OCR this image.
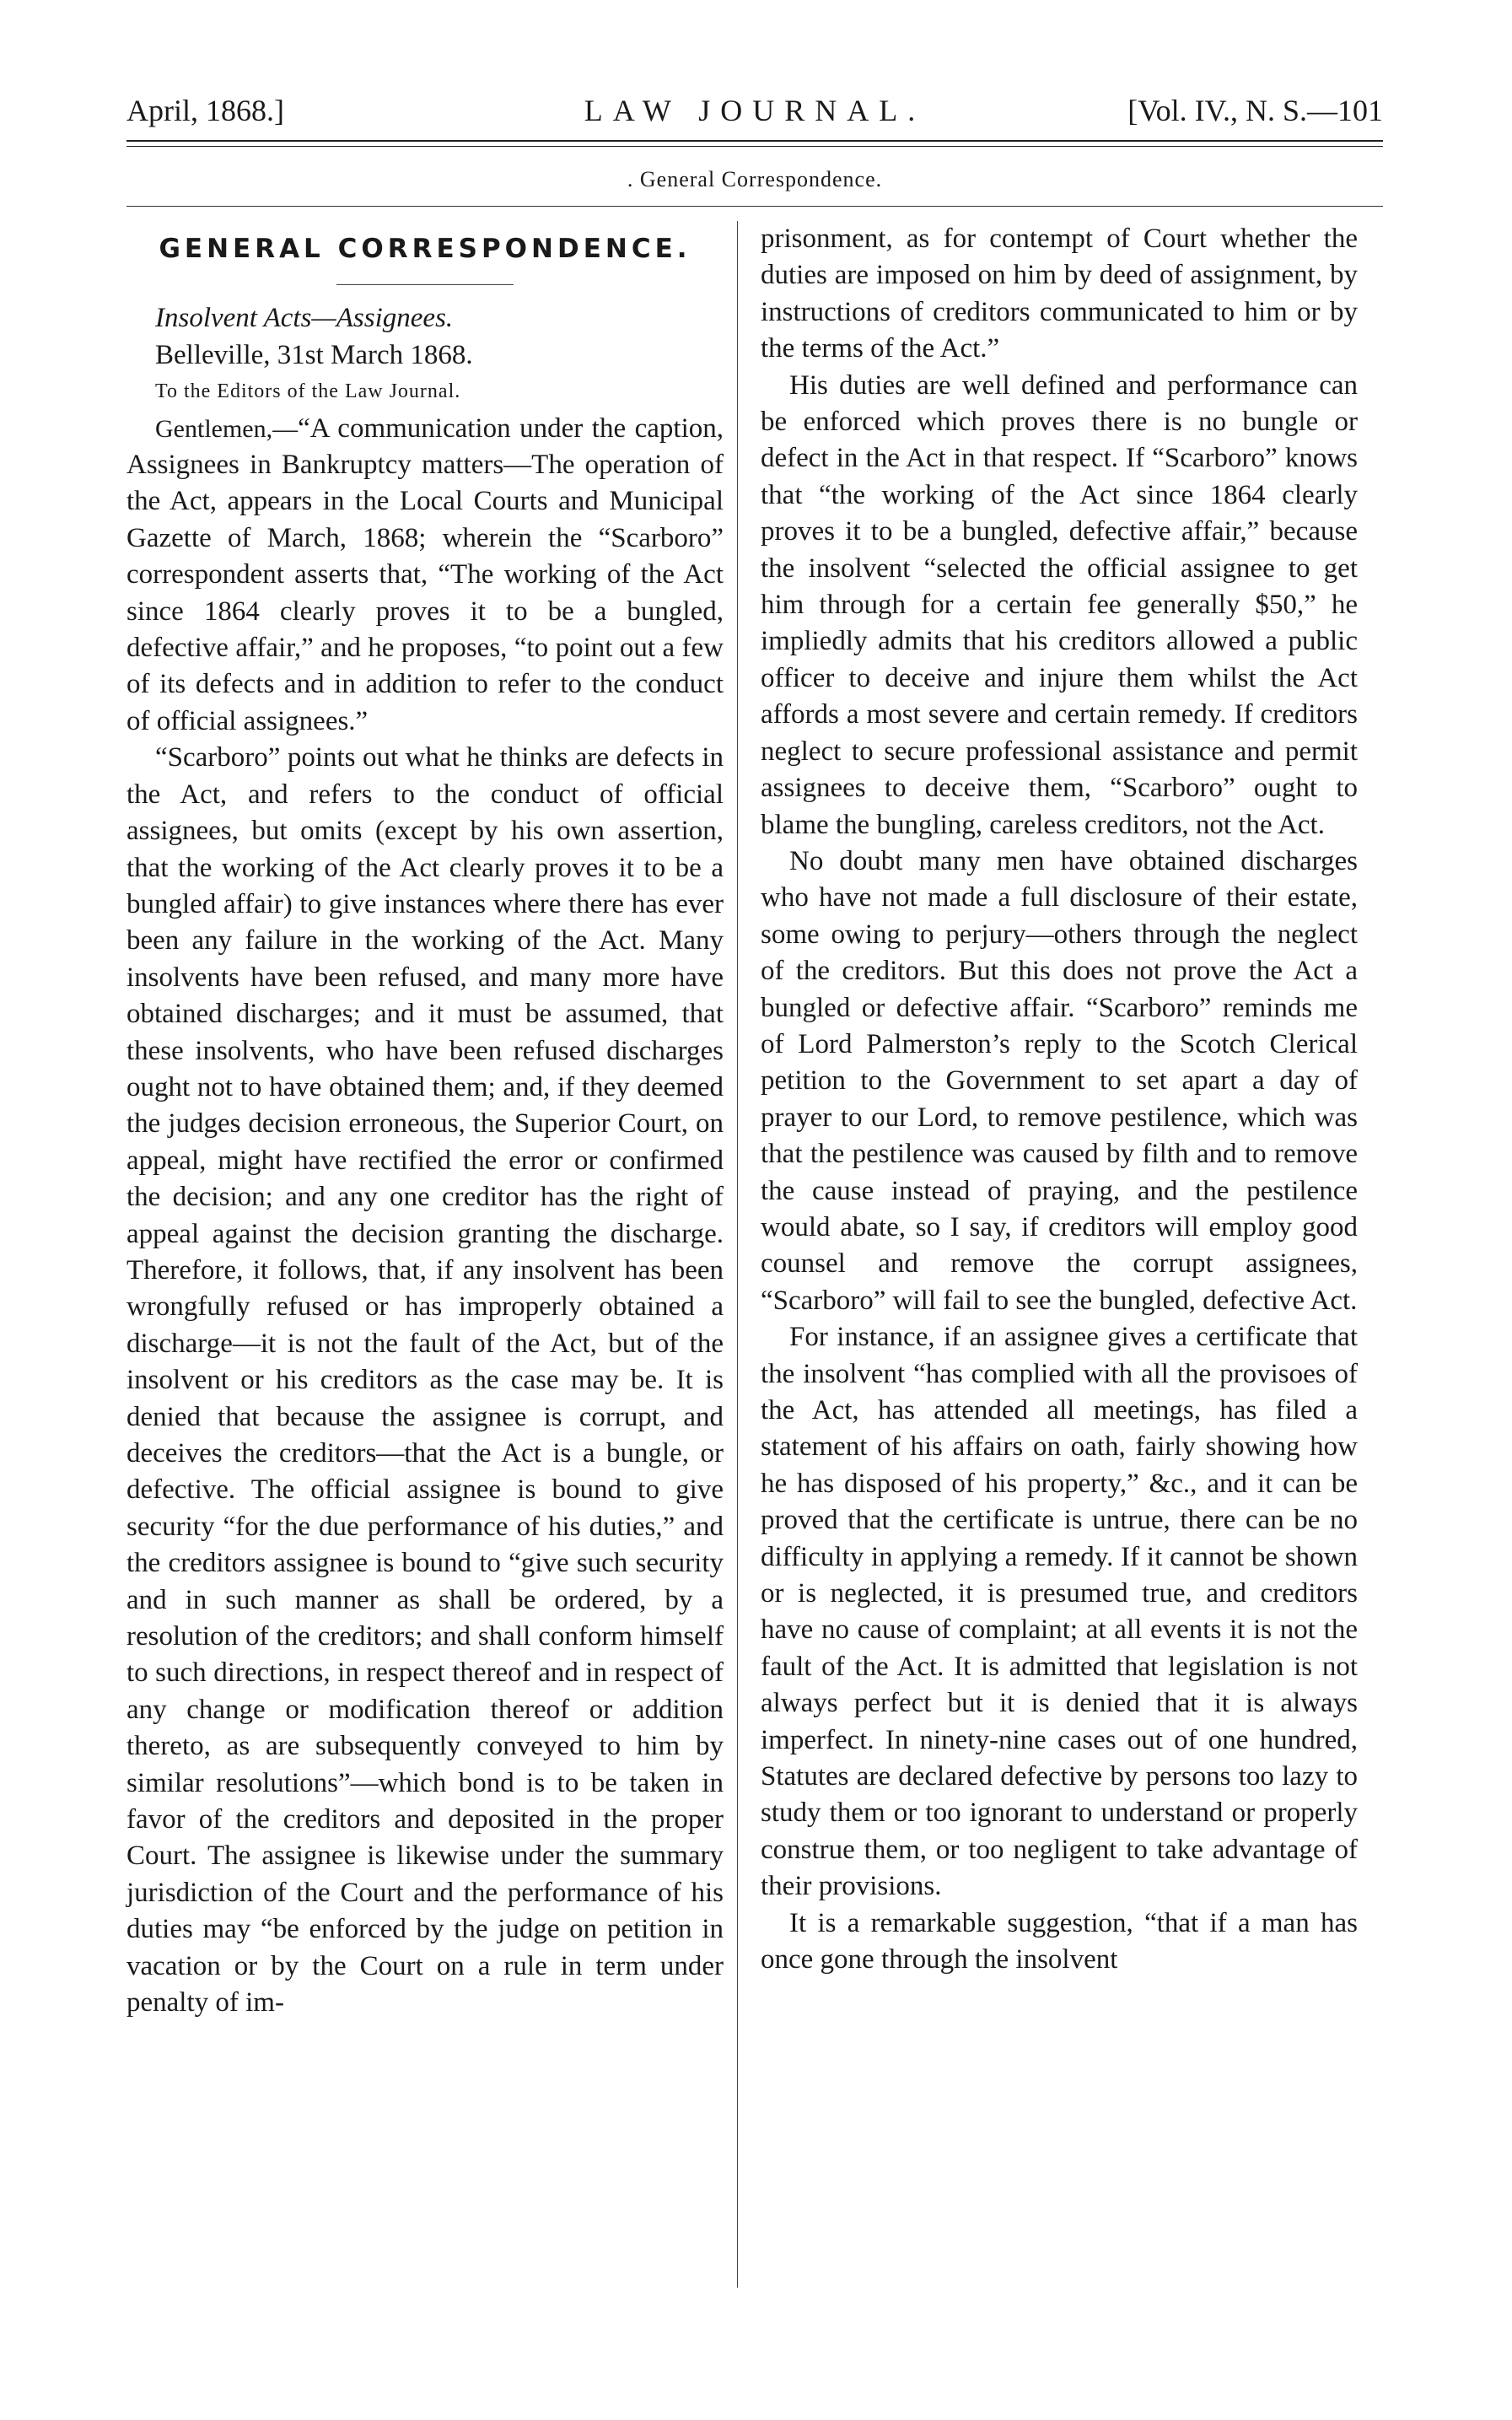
April, 1868.]	LAW JOURNAL.	[Vol. IV., N. S.—101
. General Correspondence.
GENERAL CORRESPONDENCE.

Insolvent Acts—Assignees.

Belleville, 31st March 1868.

To the Editors of the Law Journal.

Gentlemen,—“A communication under the caption, Assignees in Bankruptcy matters—The operation of the Act, appears in the Local Courts and Municipal Gazette of March, 1868; wherein the “Scarboro” correspondent asserts that, “The working of the Act since 1864 clearly proves it to be a bungled, defective affair,” and he proposes, “to point out a few of its defects and in addition to refer to the conduct of official assignees.”

“Scarboro” points out what he thinks are defects in the Act, and refers to the conduct of official assignees, but omits (except by his own assertion, that the working of the Act clearly proves it to be a bungled affair) to give instances where there has ever been any failure in the working of the Act. Many insolvents have been refused, and many more have obtained discharges; and it must be assumed, that these insolvents, who have been refused discharges ought not to have obtained them; and, if they deemed the judges decision erroneous, the Superior Court, on appeal, might have rectified the error or confirmed the decision; and any one creditor has the right of appeal against the decision granting the discharge. Therefore, it follows, that, if any insolvent has been wrongfully refused or has improperly obtained a discharge—it is not the fault of the Act, but of the insolvent or his creditors as the case may be. It is denied that because the assignee is corrupt, and deceives the creditors—that the Act is a bungle, or defective. The official assignee is bound to give security “for the due performance of his duties,” and the creditors assignee is bound to “give such security and in such manner as shall be ordered, by a resolution of the creditors; and shall conform himself to such directions, in respect thereof and in respect of any change or modification thereof or addition thereto, as are subsequently conveyed to him by similar resolutions”—which bond is to be taken in favor of the creditors and deposited in the proper Court. The assignee is likewise under the summary jurisdiction of the Court and the performance of his duties may “be enforced by the judge on petition in vacation or by the Court on a rule in term under penalty of im-

prisonment, as for contempt of Court whether the duties are imposed on him by deed of assignment, by instructions of creditors communicated to him or by the terms of the Act.”

His duties are well defined and performance can be enforced which proves there is no bungle or defect in the Act in that respect. If “Scarboro” knows that “the working of the Act since 1864 clearly proves it to be a bungled, defective affair,” because the insolvent “selected the official assignee to get him through for a certain fee generally $50,” he impliedly admits that his creditors allowed a public officer to deceive and injure them whilst the Act affords a most severe and certain remedy. If creditors neglect to secure professional assistance and permit assignees to deceive them, “Scarboro” ought to blame the bungling, careless creditors, not the Act.

No doubt many men have obtained discharges who have not made a full disclosure of their estate, some owing to perjury—others through the neglect of the creditors. But this does not prove the Act a bungled or defective affair. “Scarboro” reminds me of Lord Palmerston’s reply to the Scotch Clerical petition to the Government to set apart a day of prayer to our Lord, to remove pestilence, which was that the pestilence was caused by filth and to remove the cause instead of praying, and the pestilence would abate, so I say, if creditors will employ good counsel and remove the corrupt assignees, “Scarboro” will fail to see the bungled, defective Act.

For instance, if an assignee gives a certificate that the insolvent “has complied with all the provisoes of the Act, has attended all meetings, has filed a statement of his affairs on oath, fairly showing how he has disposed of his property,” &c., and it can be proved that the certificate is untrue, there can be no difficulty in applying a remedy. If it cannot be shown or is neglected, it is presumed true, and creditors have no cause of complaint; at all events it is not the fault of the Act. It is admitted that legislation is not always perfect but it is denied that it is always imperfect. In ninety-nine cases out of one hundred, Statutes are declared defective by persons too lazy to study them or too ignorant to understand or properly construe them, or too negligent to take advantage of their provisions.

It is a remarkable suggestion, “that if a man has once gone through the insolvent
